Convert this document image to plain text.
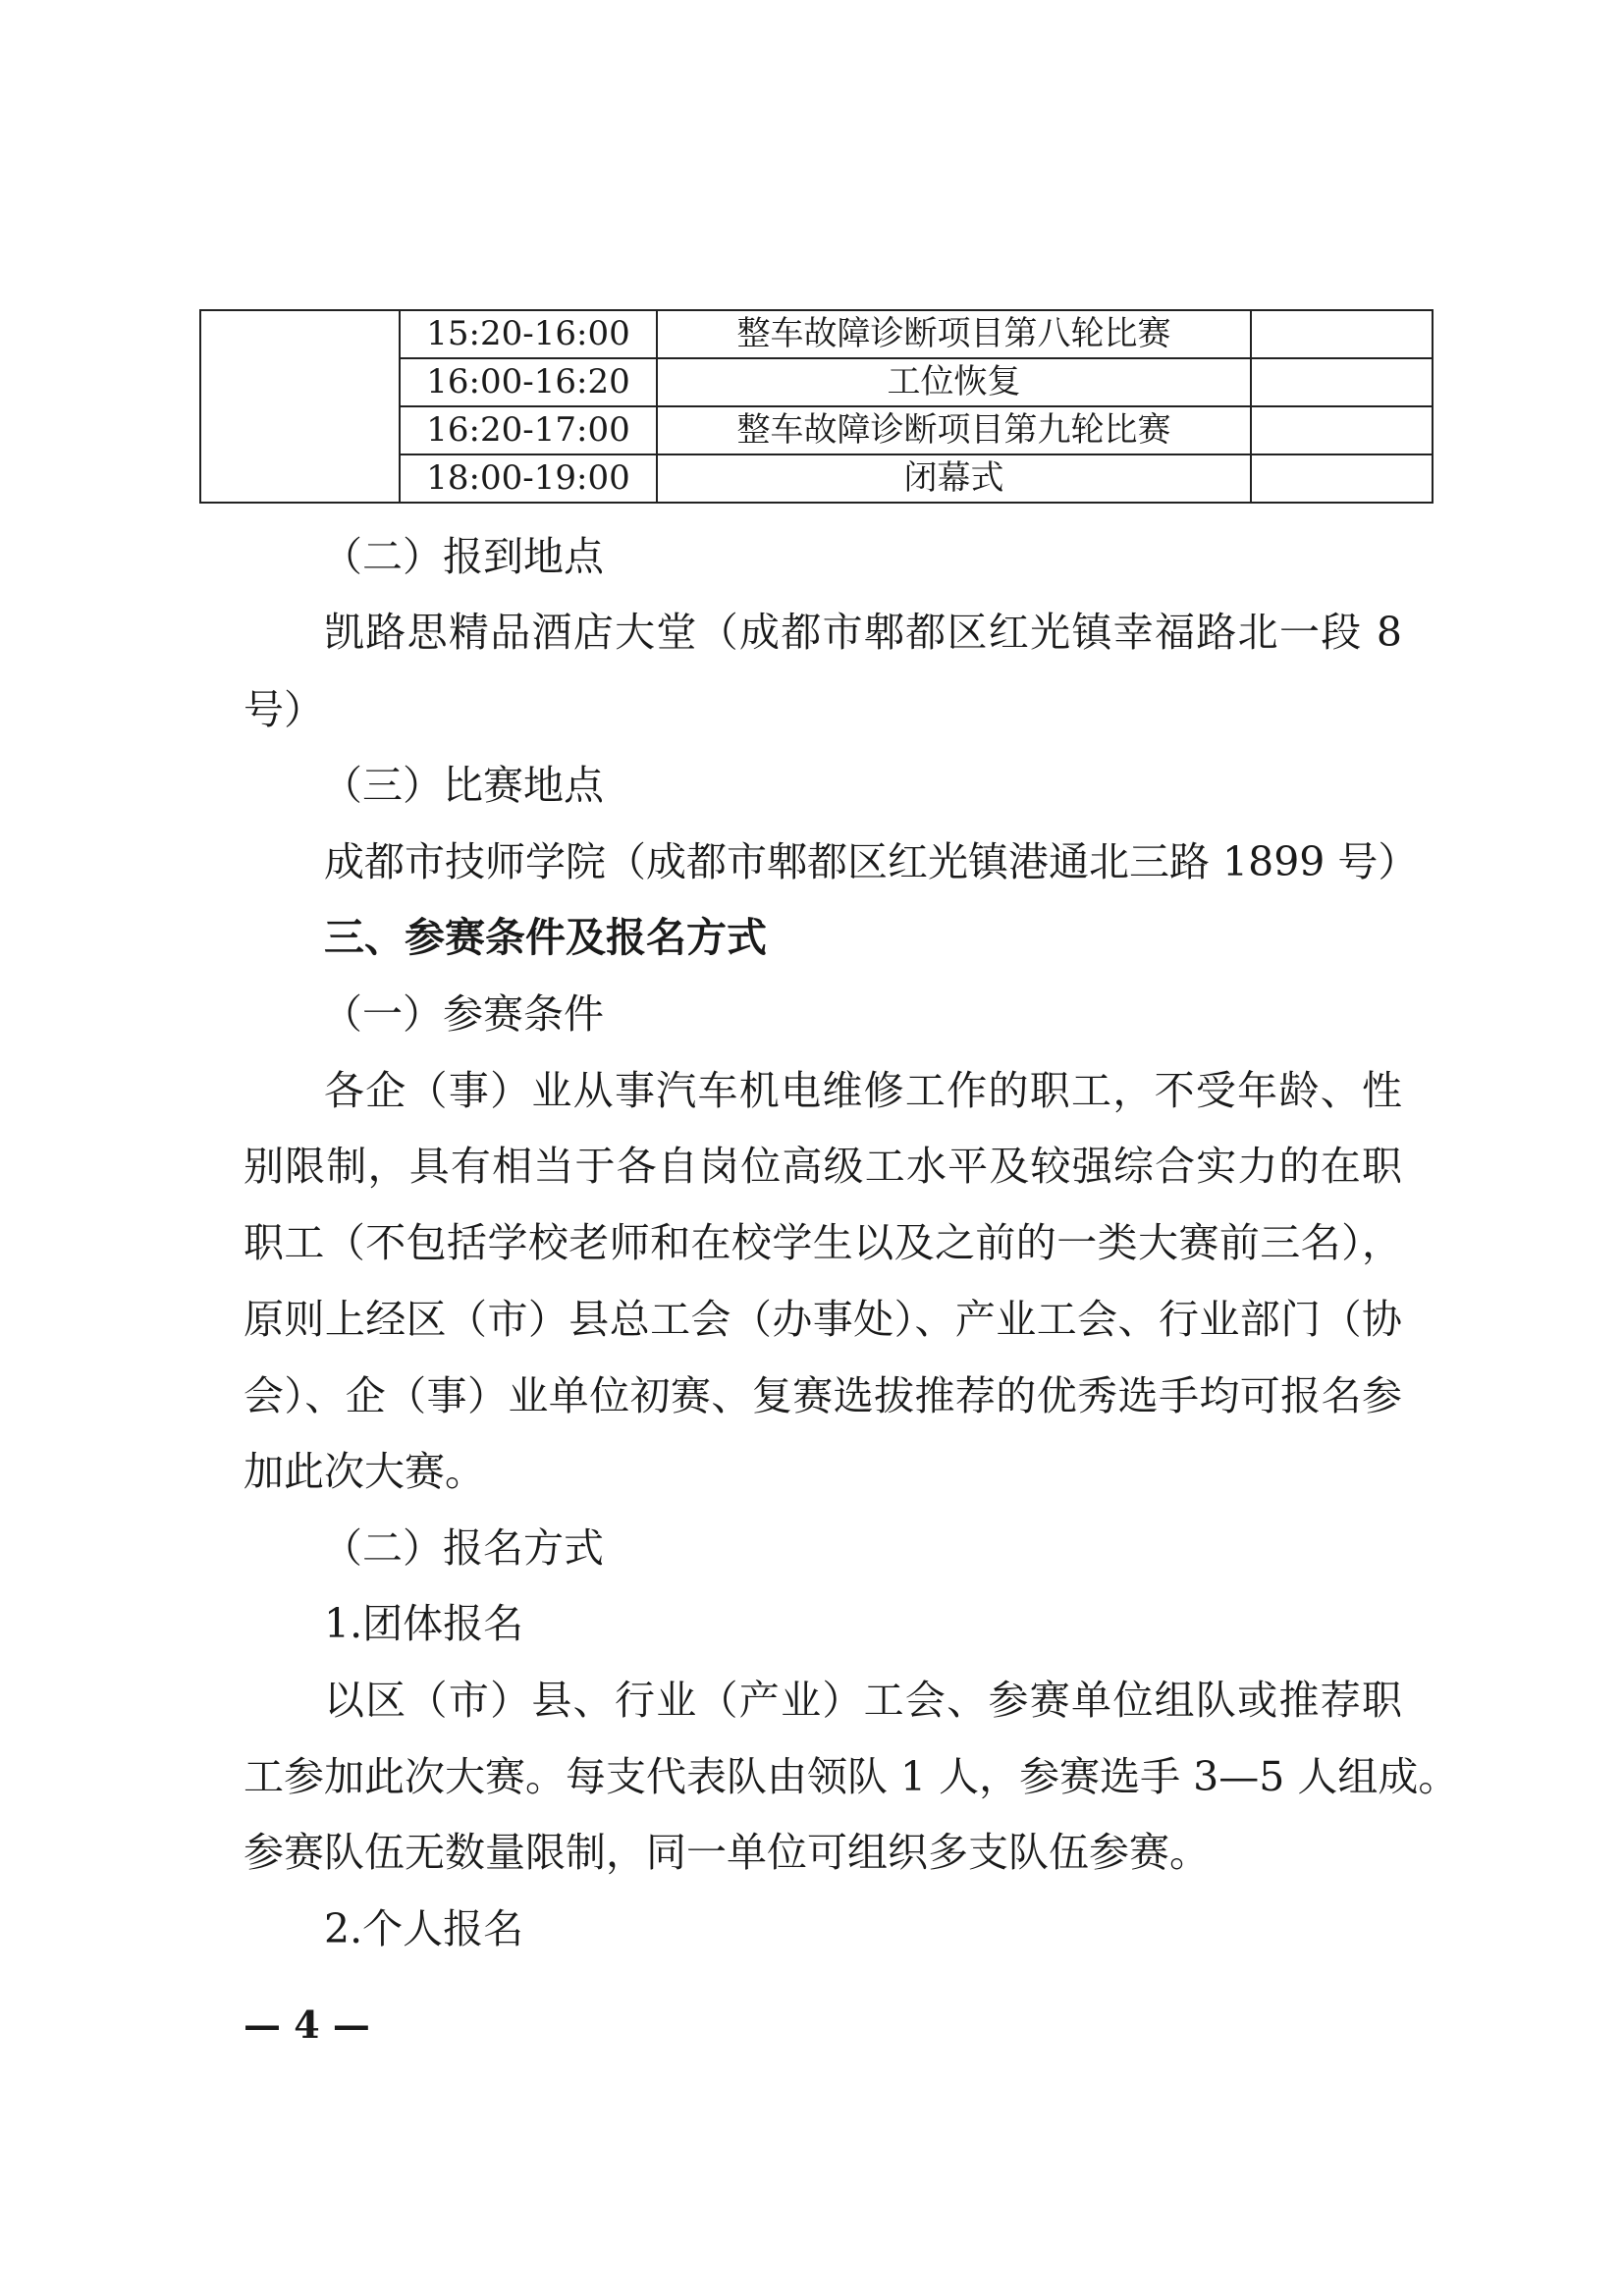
	15:20-16:00	整车故障诊断项目第八轮比赛	
	16:00-16:20	工位恢复	
	16:20-17:00	整车故障诊断项目第九轮比赛	
	18:00-19:00	闭幕式	
（二）报到地点
凯路思精品酒店大堂（成都市郫都区红光镇幸福路北一段 8
号）
（三）比赛地点
成都市技师学院（成都市郫都区红光镇港通北三路 1899 号）
三、参赛条件及报名方式
（一）参赛条件
各企（事）业从事汽车机电维修工作的职工，不受年龄、性
别限制，具有相当于各自岗位高级工水平及较强综合实力的在职
职工（不包括学校老师和在校学生以及之前的一类大赛前三名），
原则上经区（市）县总工会（办事处）、产业工会、行业部门（协
会）、企（事）业单位初赛、复赛选拔推荐的优秀选手均可报名参
加此次大赛。
（二）报名方式
1.团体报名
以区（市）县、行业（产业）工会、参赛单位组队或推荐职
工参加此次大赛。每支代表队由领队 1 人，参赛选手 3—5 人组成。
参赛队伍无数量限制，同一单位可组织多支队伍参赛。
2.个人报名
— 4 —
